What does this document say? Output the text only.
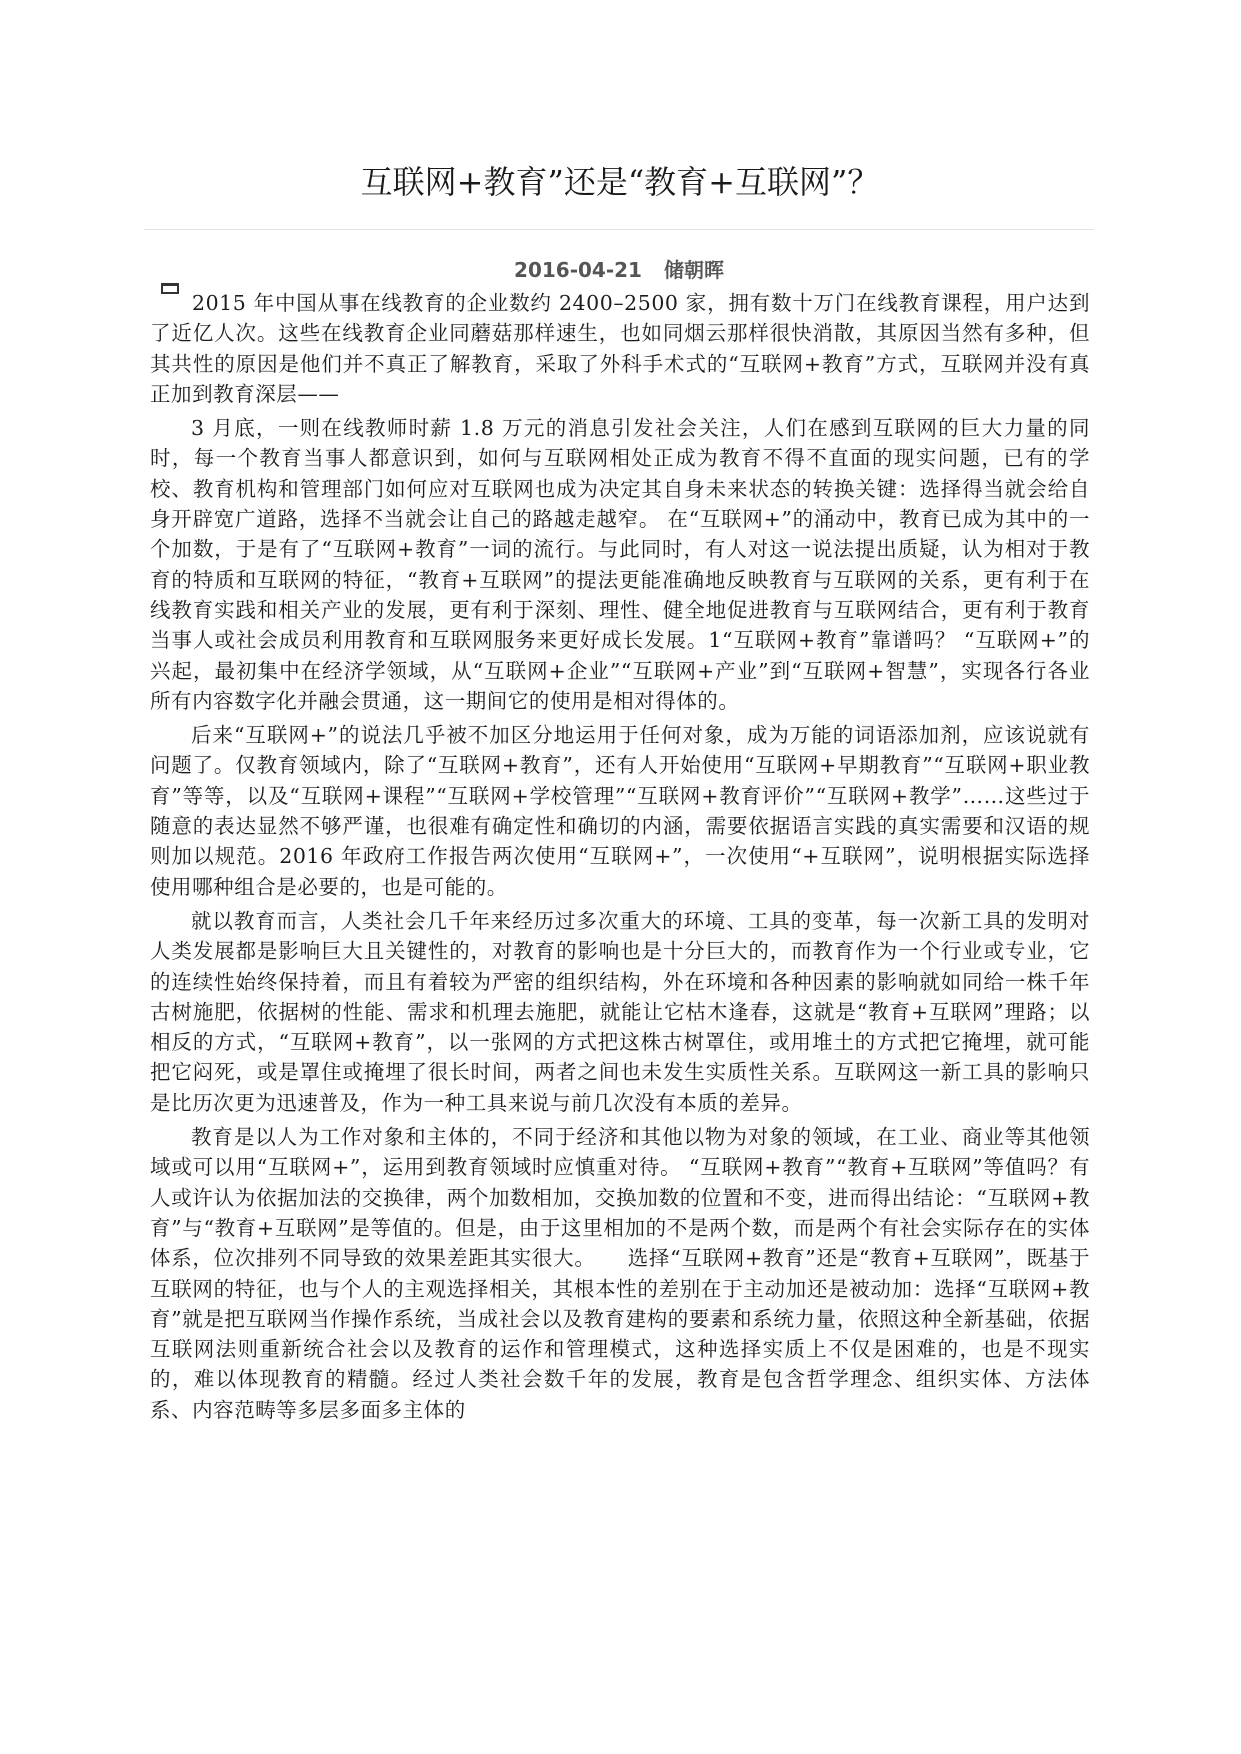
互联网+教育”还是“教育+互联网”？
2016-04-21 储朝晖

2015 年中国从事在线教育的企业数约 2400–2500 家，拥有数十万门在线教育课程，用户达到了近亿人次。这些在线教育企业同蘑菇那样速生，也如同烟云那样很快消散，其原因当然有多种，但其共性的原因是他们并不真正了解教育，采取了外科手术式的“互联网+教育”方式，互联网并没有真正加到教育深层——

3 月底，一则在线教师时薪 1.8 万元的消息引发社会关注，人们在感到互联网的巨大力量的同时，每一个教育当事人都意识到，如何与互联网相处正成为教育不得不直面的现实问题，已有的学校、教育机构和管理部门如何应对互联网也成为决定其自身未来状态的转换关键：选择得当就会给自身开辟宽广道路，选择不当就会让自己的路越走越窄。 在“互联网+”的涌动中，教育已成为其中的一个加数，于是有了“互联网+教育”一词的流行。与此同时，有人对这一说法提出质疑，认为相对于教育的特质和互联网的特征，“教育+互联网”的提法更能准确地反映教育与互联网的关系，更有利于在线教育实践和相关产业的发展，更有利于深刻、理性、健全地促进教育与互联网结合，更有利于教育当事人或社会成员利用教育和互联网服务来更好成长发展。1“互联网+教育”靠谱吗？ “互联网+”的兴起，最初集中在经济学领域，从“互联网+企业”“互联网+产业”到“互联网+智慧”，实现各行各业所有内容数字化并融会贯通，这一期间它的使用是相对得体的。

后来“互联网+”的说法几乎被不加区分地运用于任何对象，成为万能的词语添加剂，应该说就有问题了。仅教育领域内，除了“互联网+教育”，还有人开始使用“互联网+早期教育”“互联网+职业教育”等等，以及“互联网+课程”“互联网+学校管理”“互联网+教育评价”“互联网+教学”……这些过于随意的表达显然不够严谨，也很难有确定性和确切的内涵，需要依据语言实践的真实需要和汉语的规则加以规范。2016 年政府工作报告两次使用“互联网+”，一次使用“+互联网”，说明根据实际选择使用哪种组合是必要的，也是可能的。

就以教育而言，人类社会几千年来经历过多次重大的环境、工具的变革，每一次新工具的发明对人类发展都是影响巨大且关键性的，对教育的影响也是十分巨大的，而教育作为一个行业或专业，它的连续性始终保持着，而且有着较为严密的组织结构，外在环境和各种因素的影响就如同给一株千年古树施肥，依据树的性能、需求和机理去施肥，就能让它枯木逢春，这就是“教育+互联网”理路；以相反的方式，“互联网+教育”，以一张网的方式把这株古树罩住，或用堆土的方式把它掩埋，就可能把它闷死，或是罩住或掩埋了很长时间，两者之间也未发生实质性关系。互联网这一新工具的影响只是比历次更为迅速普及，作为一种工具来说与前几次没有本质的差异。

教育是以人为工作对象和主体的，不同于经济和其他以物为对象的领域，在工业、商业等其他领域或可以用“互联网+”，运用到教育领域时应慎重对待。 “互联网+教育”“教育+互联网”等值吗？有人或许认为依据加法的交换律，两个加数相加，交换加数的位置和不变，进而得出结论：“互联网+教育”与“教育+互联网”是等值的。但是，由于这里相加的不是两个数，而是两个有社会实际存在的实体体系，位次排列不同导致的效果差距其实很大。　　选择“互联网+教育”还是“教育+互联网”，既基于互联网的特征，也与个人的主观选择相关，其根本性的差别在于主动加还是被动加：选择“互联网+教育”就是把互联网当作操作系统，当成社会以及教育建构的要素和系统力量，依照这种全新基础，依据互联网法则重新统合社会以及教育的运作和管理模式，这种选择实质上不仅是困难的，也是不现实的，难以体现教育的精髓。经过人类社会数千年的发展，教育是包含哲学理念、组织实体、方法体系、内容范畴等多层多面多主体的
